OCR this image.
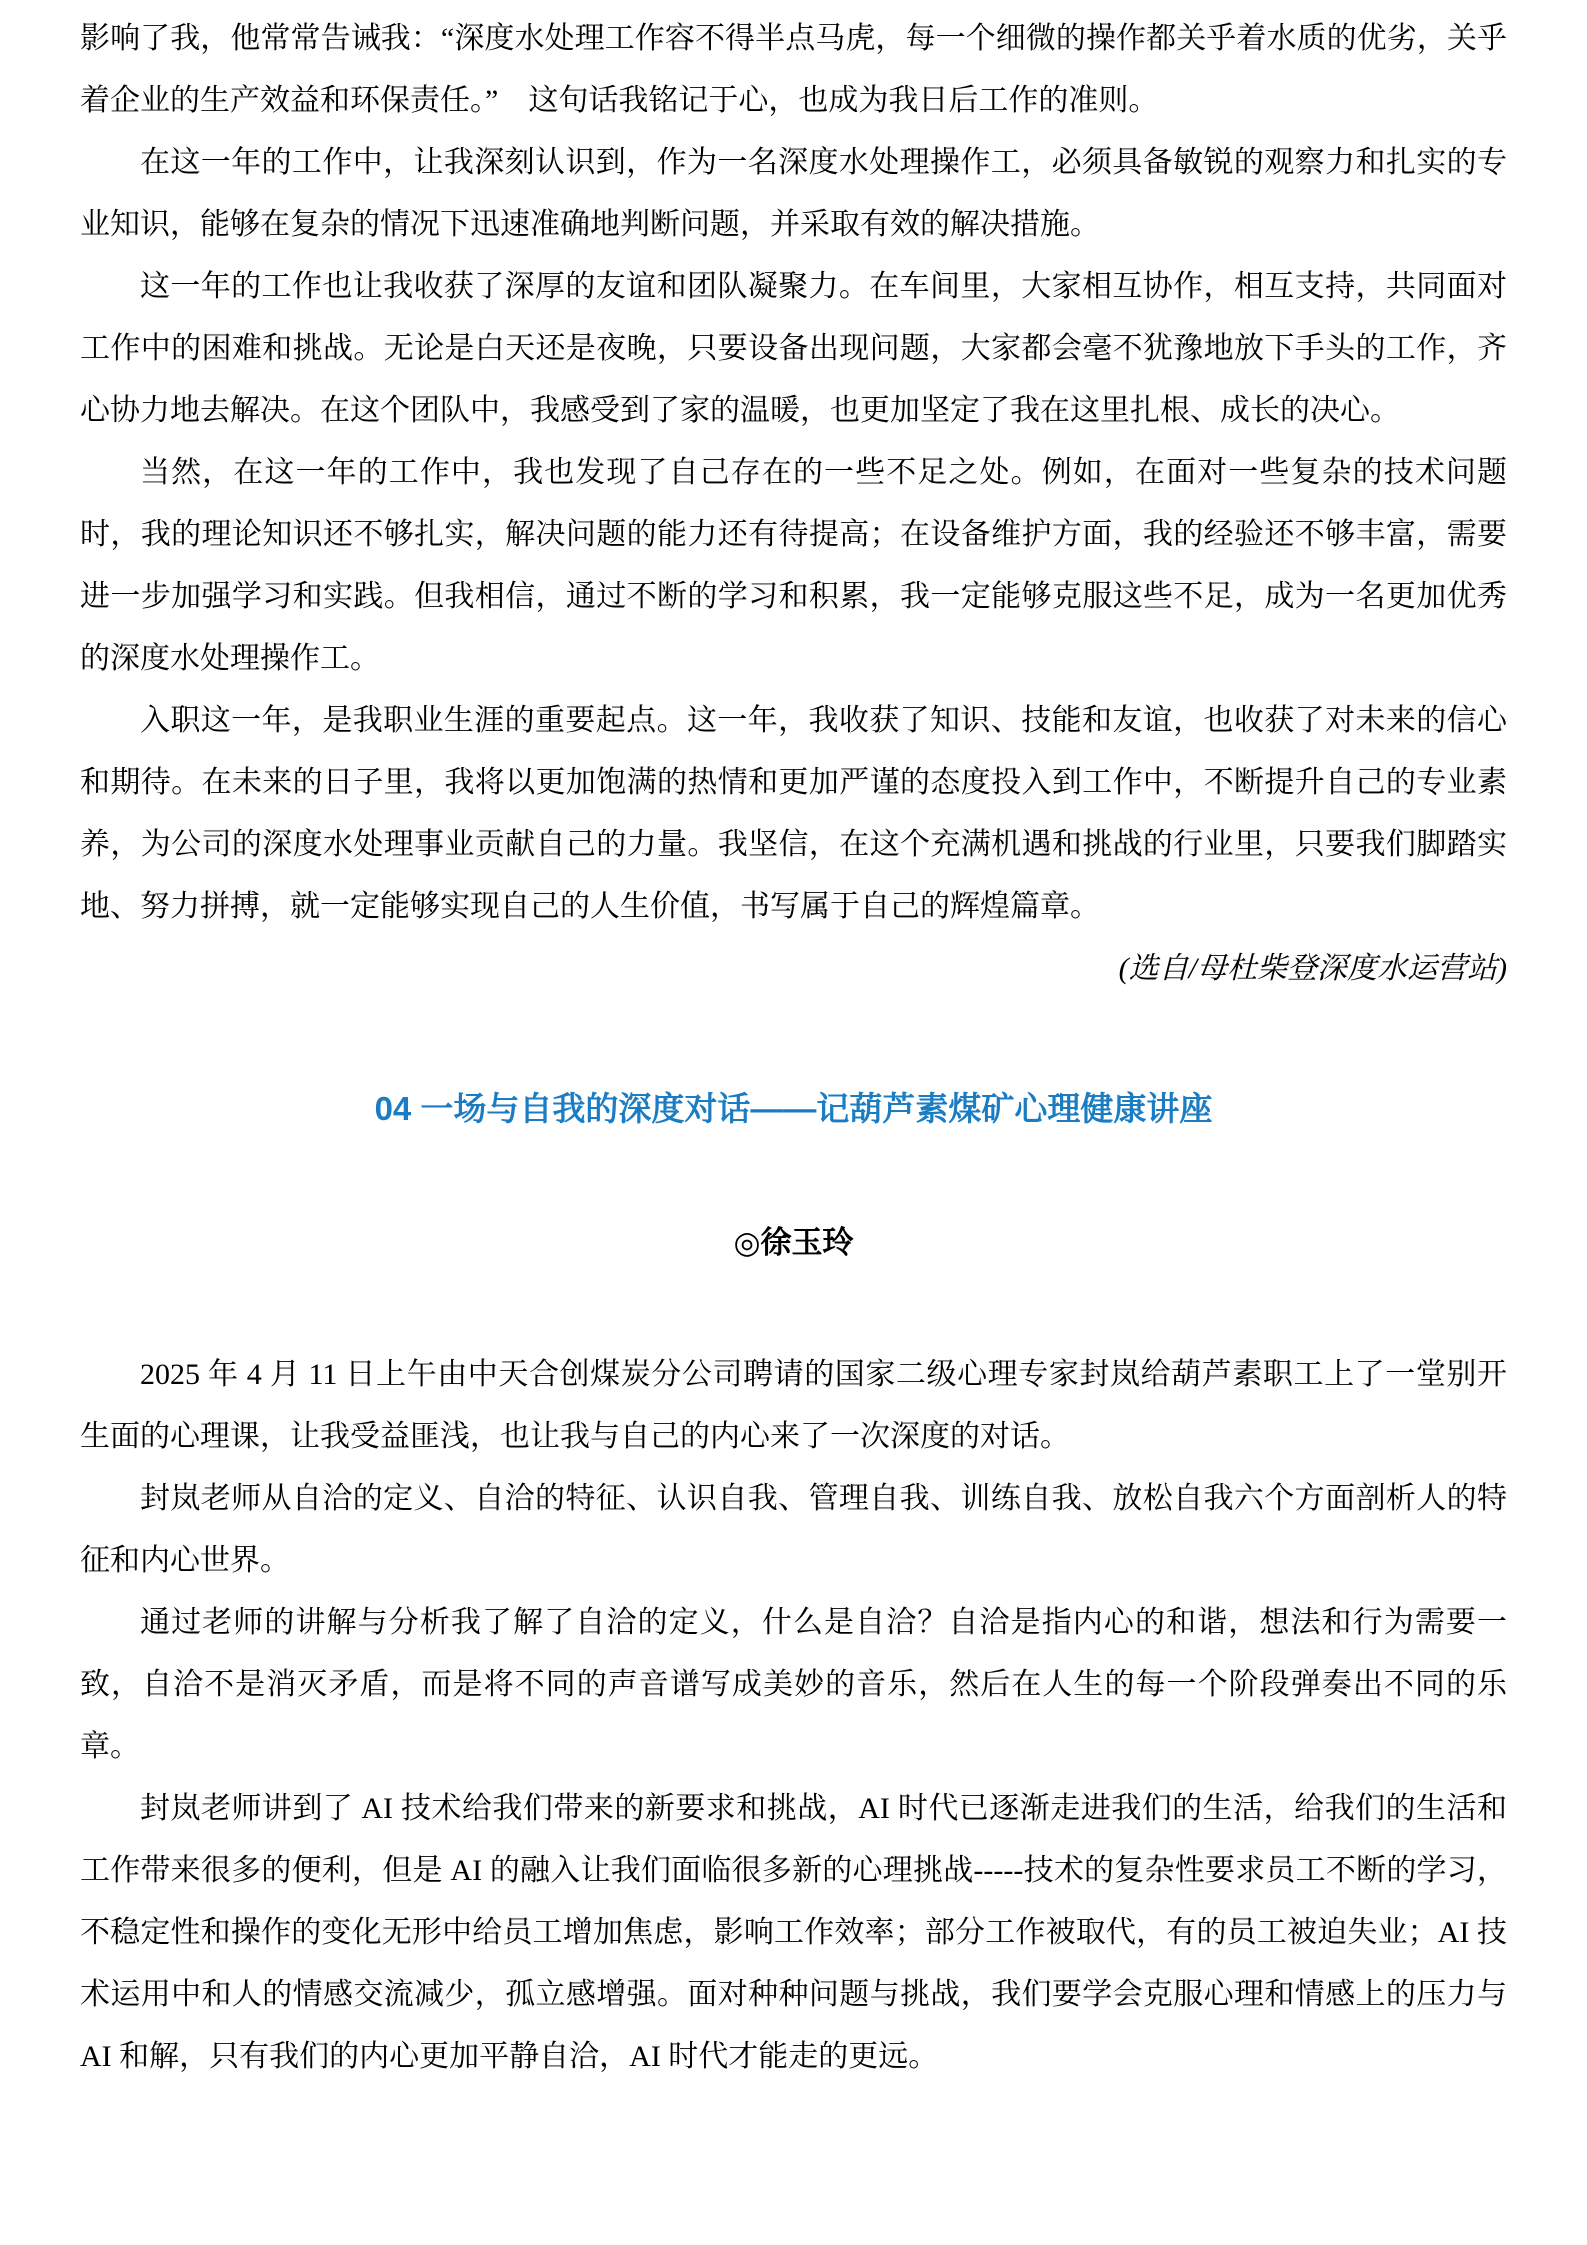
影响了我，他常常告诫我：“深度水处理工作容不得半点马虎，每一个细微的操作都关乎着水质的优劣，关乎着企业的生产效益和环保责任。”　这句话我铭记于心，也成为我日后工作的准则。

在这一年的工作中，让我深刻认识到，作为一名深度水处理操作工，必须具备敏锐的观察力和扎实的专业知识，能够在复杂的情况下迅速准确地判断问题，并采取有效的解决措施。

这一年的工作也让我收获了深厚的友谊和团队凝聚力。在车间里，大家相互协作，相互支持，共同面对工作中的困难和挑战。无论是白天还是夜晚，只要设备出现问题，大家都会毫不犹豫地放下手头的工作，齐心协力地去解决。在这个团队中，我感受到了家的温暖，也更加坚定了我在这里扎根、成长的决心。

当然，在这一年的工作中，我也发现了自己存在的一些不足之处。例如，在面对一些复杂的技术问题时，我的理论知识还不够扎实，解决问题的能力还有待提高；在设备维护方面，我的经验还不够丰富，需要进一步加强学习和实践。但我相信，通过不断的学习和积累，我一定能够克服这些不足，成为一名更加优秀的深度水处理操作工。

入职这一年，是我职业生涯的重要起点。这一年，我收获了知识、技能和友谊，也收获了对未来的信心和期待。在未来的日子里，我将以更加饱满的热情和更加严谨的态度投入到工作中，不断提升自己的专业素养，为公司的深度水处理事业贡献自己的力量。我坚信，在这个充满机遇和挑战的行业里，只要我们脚踏实地、努力拼搏，就一定能够实现自己的人生价值，书写属于自己的辉煌篇章。

(选自/母杜柴登深度水运营站)

04 一场与自我的深度对话——记葫芦素煤矿心理健康讲座

◎徐玉玲

2025 年 4 月 11 日上午由中天合创煤炭分公司聘请的国家二级心理专家封岚给葫芦素职工上了一堂别开生面的心理课，让我受益匪浅，也让我与自己的内心来了一次深度的对话。

封岚老师从自洽的定义、自洽的特征、认识自我、管理自我、训练自我、放松自我六个方面剖析人的特征和内心世界。

通过老师的讲解与分析我了解了自洽的定义，什么是自洽？自洽是指内心的和谐，想法和行为需要一致，自洽不是消灭矛盾，而是将不同的声音谱写成美妙的音乐，然后在人生的每一个阶段弹奏出不同的乐章。

封岚老师讲到了 AI 技术给我们带来的新要求和挑战，AI 时代已逐渐走进我们的生活，给我们的生活和工作带来很多的便利，但是 AI 的融入让我们面临很多新的心理挑战-----技术的复杂性要求员工不断的学习，不稳定性和操作的变化无形中给员工增加焦虑，影响工作效率；部分工作被取代，有的员工被迫失业；AI 技术运用中和人的情感交流减少，孤立感增强。面对种种问题与挑战，我们要学会克服心理和情感上的压力与 AI 和解，只有我们的内心更加平静自洽，AI 时代才能走的更远。
